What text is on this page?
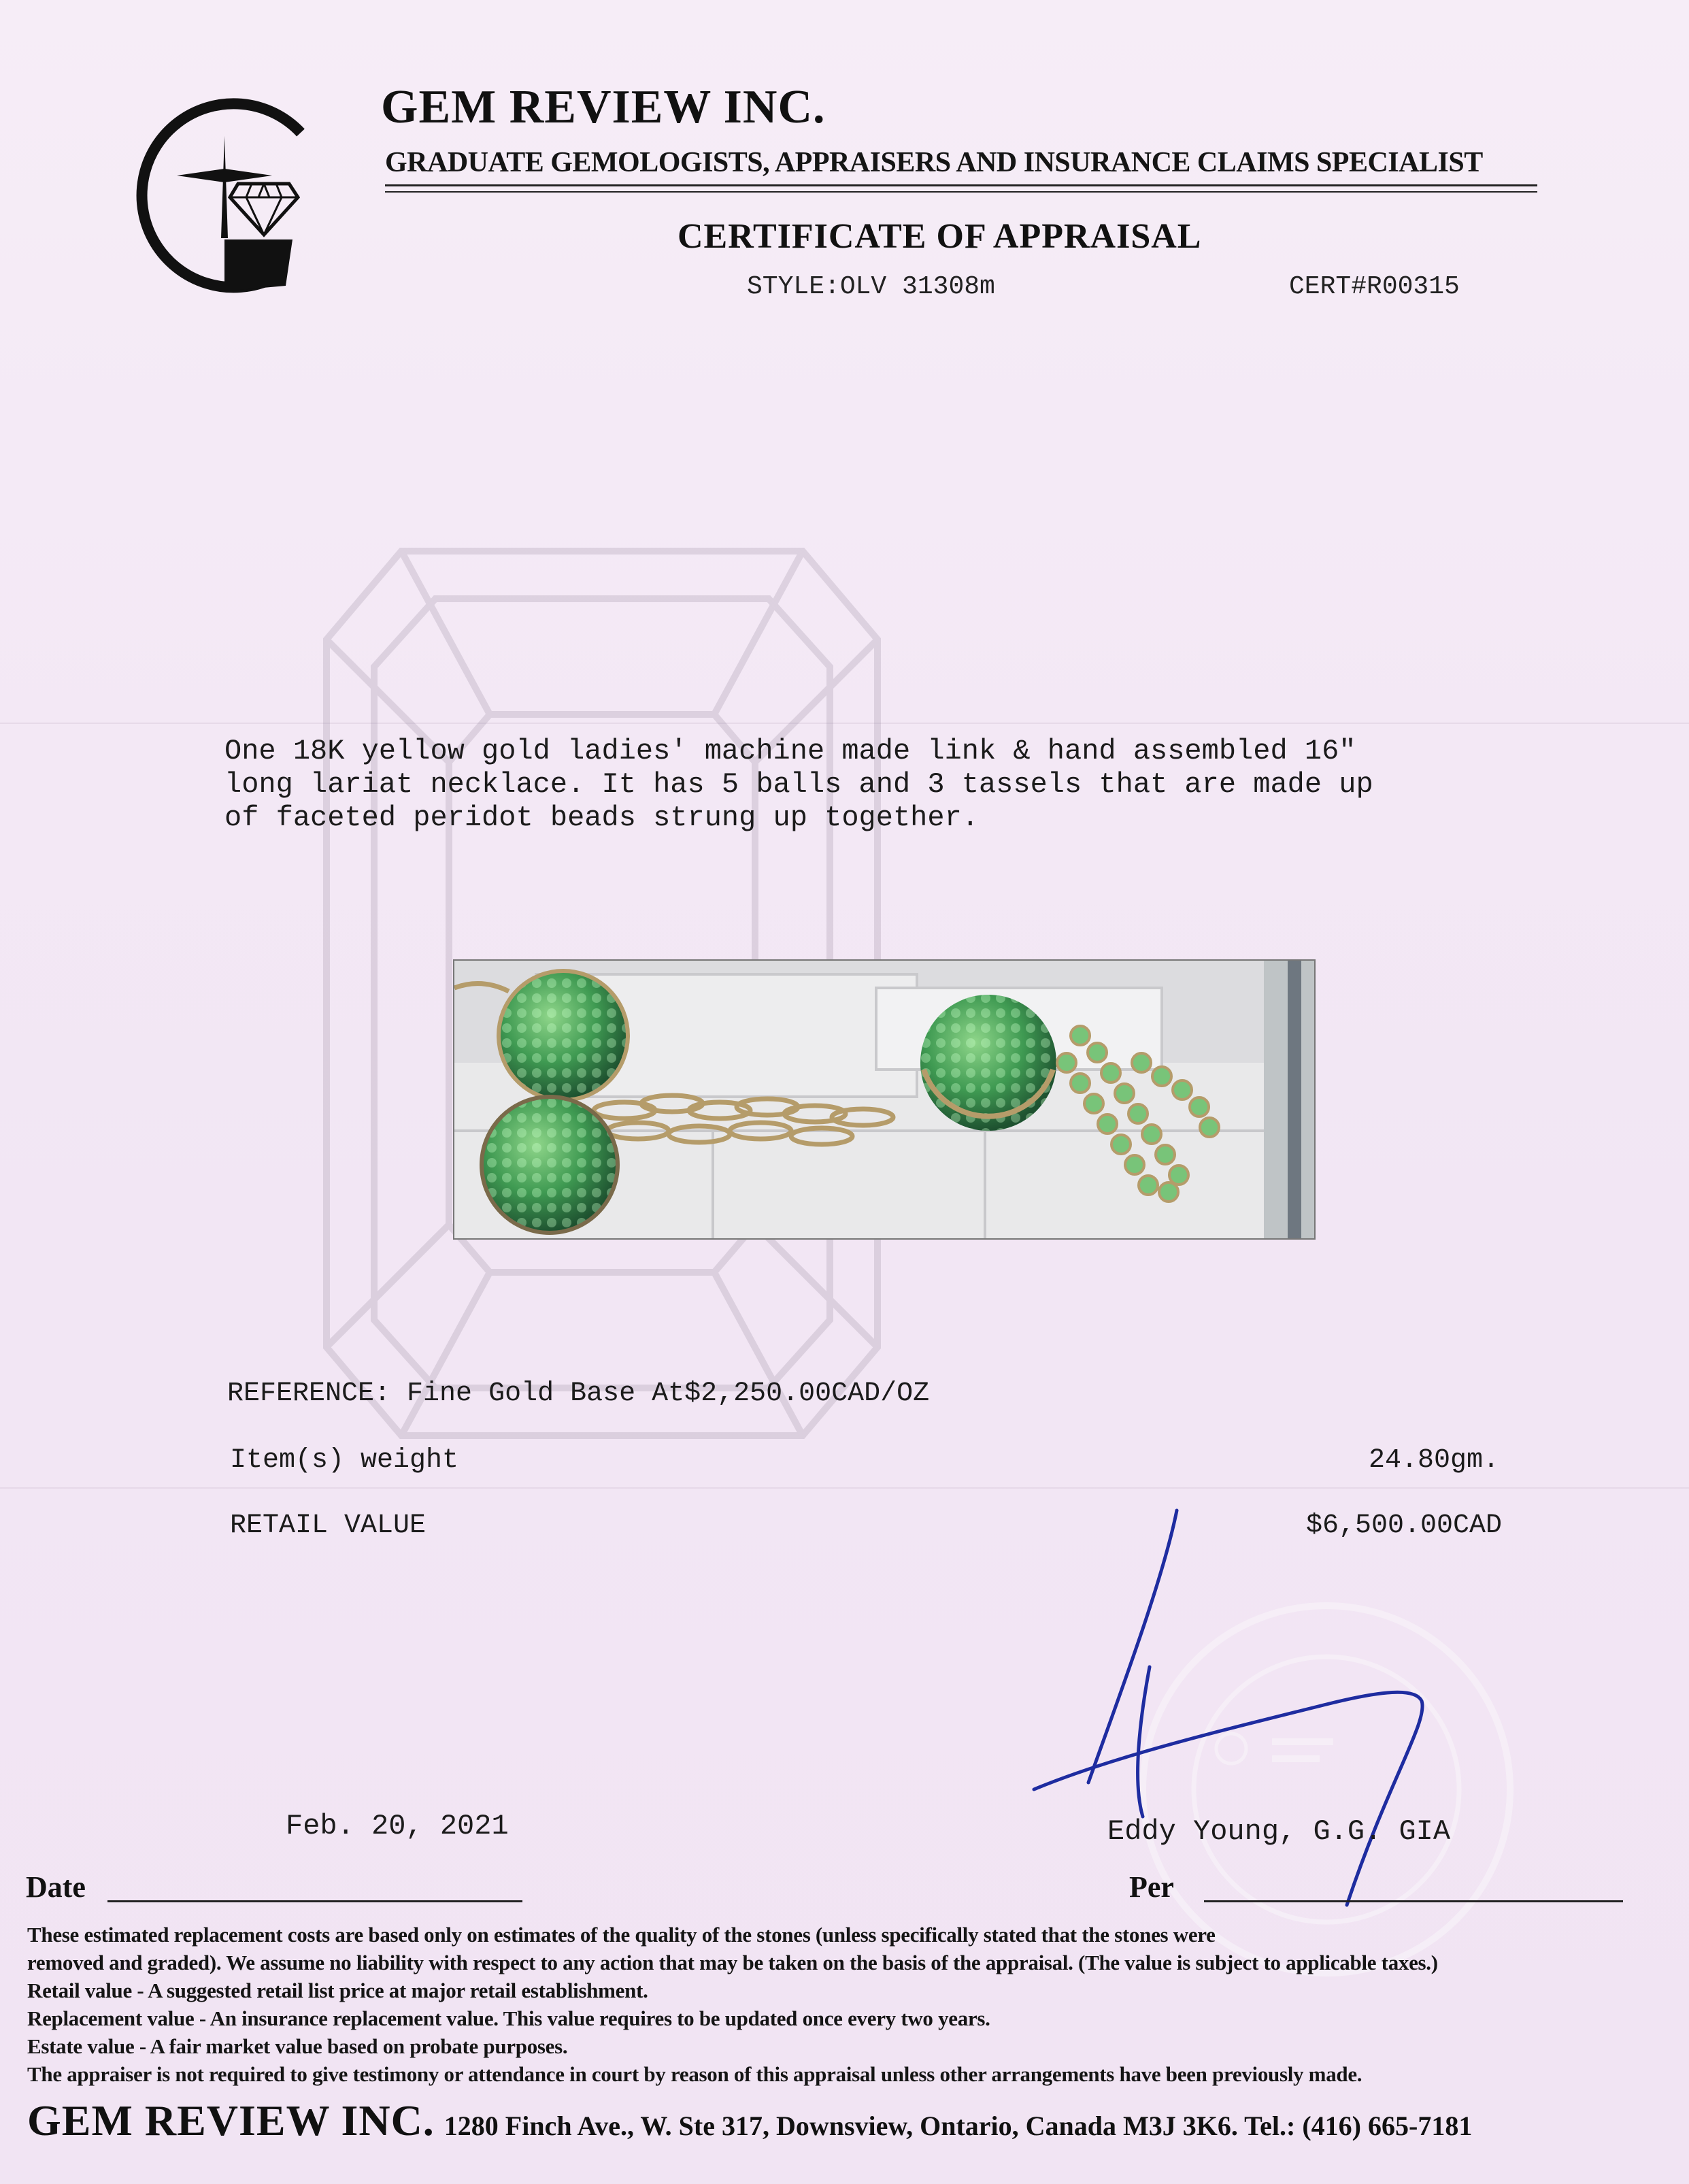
GEM REVIEW INC.
GRADUATE GEMOLOGISTS, APPRAISERS AND INSURANCE CLAIMS SPECIALIST
CERTIFICATE OF APPRAISAL
STYLE:OLV 31308m	CERT#R00315
One 18K yellow gold ladies' machine made link & hand assembled 16"
long lariat necklace. It has 5 balls and 3 tassels that are made up
of faceted peridot beads strung up together.
REFERENCE: Fine Gold Base At$2,250.00CAD/OZ
Item(s) weight	24.80gm.
RETAIL VALUE	$6,500.00CAD
Feb. 20, 2021	Eddy Young, G.G. GIA
Date	Per
These estimated replacement costs are based only on estimates of the quality of the stones (unless specifically stated that the stones were
removed and graded). We assume no liability with respect to any action that may be taken on the basis of the appraisal. (The value is subject to applicable taxes.)
Retail value - A suggested retail list price at major retail establishment.
Replacement value - An insurance replacement value. This value requires to be updated once every two years.
Estate value - A fair market value based on probate purposes.
The appraiser is not required to give testimony or attendance in court by reason of this appraisal unless other arrangements have been previously made.
GEM REVIEW INC. 1280 Finch Ave., W. Ste 317, Downsview, Ontario, Canada M3J 3K6. Tel.: (416) 665-7181
